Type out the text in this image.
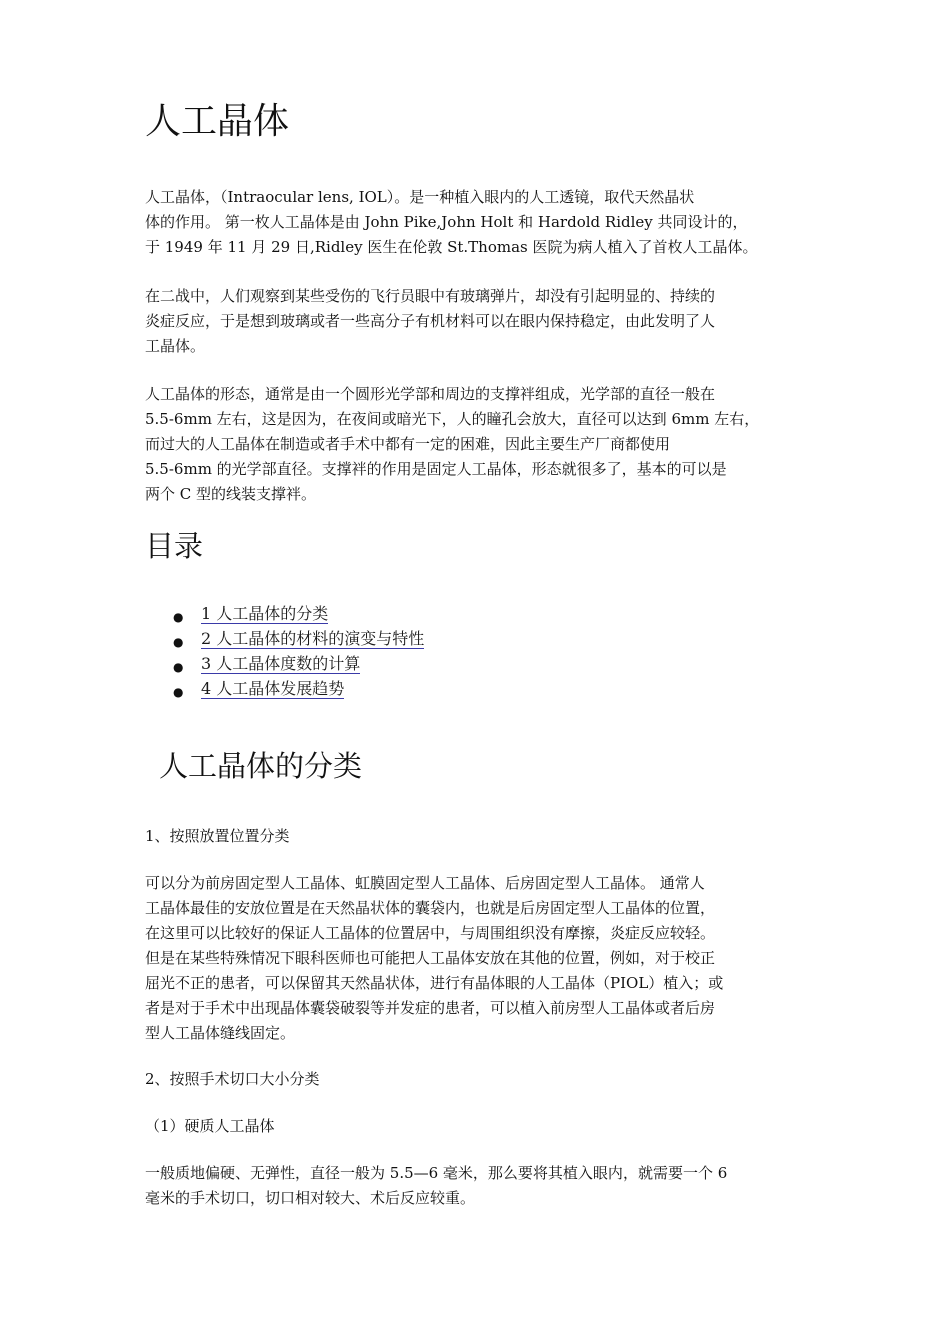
人工晶体

人工晶体，（Intraocular lens, IOL）。是一种植入眼内的人工透镜，取代天然晶状
体的作用。 第一枚人工晶体是由 John Pike,John Holt 和 Hardold Ridley 共同设计的，
于 1949 年 11 月 29 日,Ridley 医生在伦敦 St.Thomas 医院为病人植入了首枚人工晶体。

在二战中，人们观察到某些受伤的飞行员眼中有玻璃弹片，却没有引起明显的、持续的
炎症反应，于是想到玻璃或者一些高分子有机材料可以在眼内保持稳定，由此发明了人
工晶体。

人工晶体的形态，通常是由一个圆形光学部和周边的支撑袢组成，光学部的直径一般在
5.5-6mm 左右，这是因为，在夜间或暗光下，人的瞳孔会放大，直径可以达到 6mm 左右，
而过大的人工晶体在制造或者手术中都有一定的困难，因此主要生产厂商都使用
5.5-6mm 的光学部直径。支撑袢的作用是固定人工晶体，形态就很多了，基本的可以是
两个 C 型的线装支撑袢。

目录
● 1 人工晶体的分类
● 2 人工晶体的材料的演变与特性
● 3 人工晶体度数的计算
● 4 人工晶体发展趋势
人工晶体的分类

1、按照放置位置分类

可以分为前房固定型人工晶体、虹膜固定型人工晶体、后房固定型人工晶体。 通常人
工晶体最佳的安放位置是在天然晶状体的囊袋内，也就是后房固定型人工晶体的位置，
在这里可以比较好的保证人工晶体的位置居中，与周围组织没有摩擦，炎症反应较轻。
但是在某些特殊情况下眼科医师也可能把人工晶体安放在其他的位置，例如，对于校正
屈光不正的患者，可以保留其天然晶状体，进行有晶体眼的人工晶体（PIOL）植入；或
者是对于手术中出现晶体囊袋破裂等并发症的患者，可以植入前房型人工晶体或者后房
型人工晶体缝线固定。

2、按照手术切口大小分类

（1）硬质人工晶体

一般质地偏硬、无弹性，直径一般为 5.5—6 毫米，那么要将其植入眼内，就需要一个 6
毫米的手术切口，切口相对较大、术后反应较重。
